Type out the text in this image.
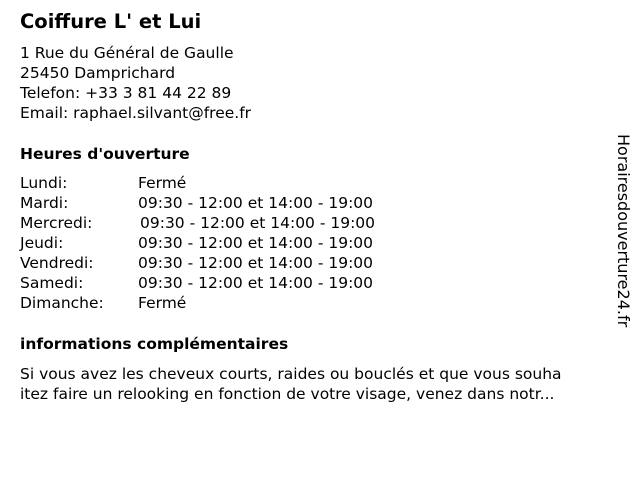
Coiffure L' et Lui
1 Rue du Général de Gaulle
25450 Damprichard
Telefon: +33 3 81 44 22 89
Email: raphael.silvant@free.fr
Heures d'ouverture
Lundi:	Fermé
Mardi:	09:30 - 12:00 et 14:00 - 19:00
Mercredi:	09:30 - 12:00 et 14:00 - 19:00
Jeudi:	09:30 - 12:00 et 14:00 - 19:00
Vendredi:	09:30 - 12:00 et 14:00 - 19:00
Samedi:	09:30 - 12:00 et 14:00 - 19:00
Dimanche:	Fermé
informations complémentaires
Si vous avez les cheveux courts, raides ou bouclés et que vous souha
itez faire un relooking en fonction de votre visage, venez dans notr...
Horairesdouverture24.fr
